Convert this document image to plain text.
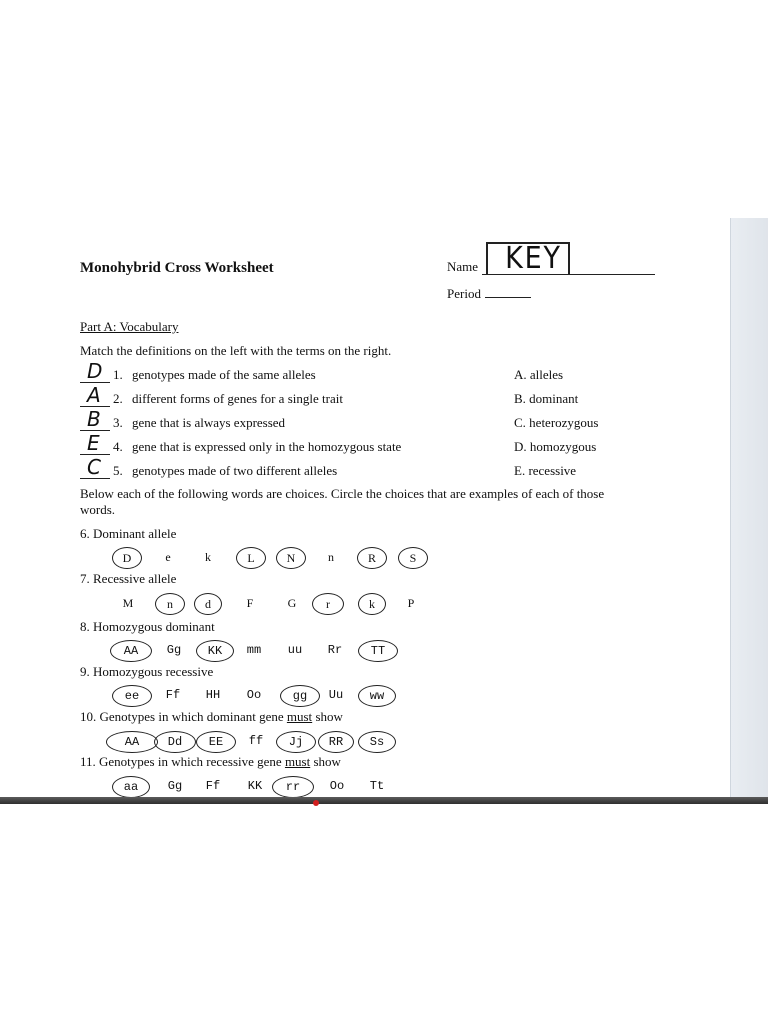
Monohybrid Cross Worksheet	KEY
Name
Period
Part A: Vocabulary
Match the definitions on the left with the terms on the right.
D 1. genotypes made of the same alleles	A. alleles
A 2. different forms of genes for a single trait	B. dominant
B 3. gene that is always expressed	C. heterozygous
E 4. gene that is expressed only in the homozygous state	D. homozygous
C 5. genotypes made of two different alleles	E. recessive
Below each of the following words are choices. Circle the choices that are examples of each of those words.
6. Dominant allele
D	e	k	L	N	n	R	S
7. Recessive allele
M	n	d	F	G	r	k	P
8. Homozygous dominant
AA	Gg	KK	mm	uu	Rr	TT
9. Homozygous recessive
ee	Ff	HH	Oo	gg	Uu	ww
10. Genotypes in which dominant gene must show
AA	Dd	EE	ff	Jj	RR	Ss
11. Genotypes in which recessive gene must show
aa	Gg	Ff	KK	rr	Oo	Tt
